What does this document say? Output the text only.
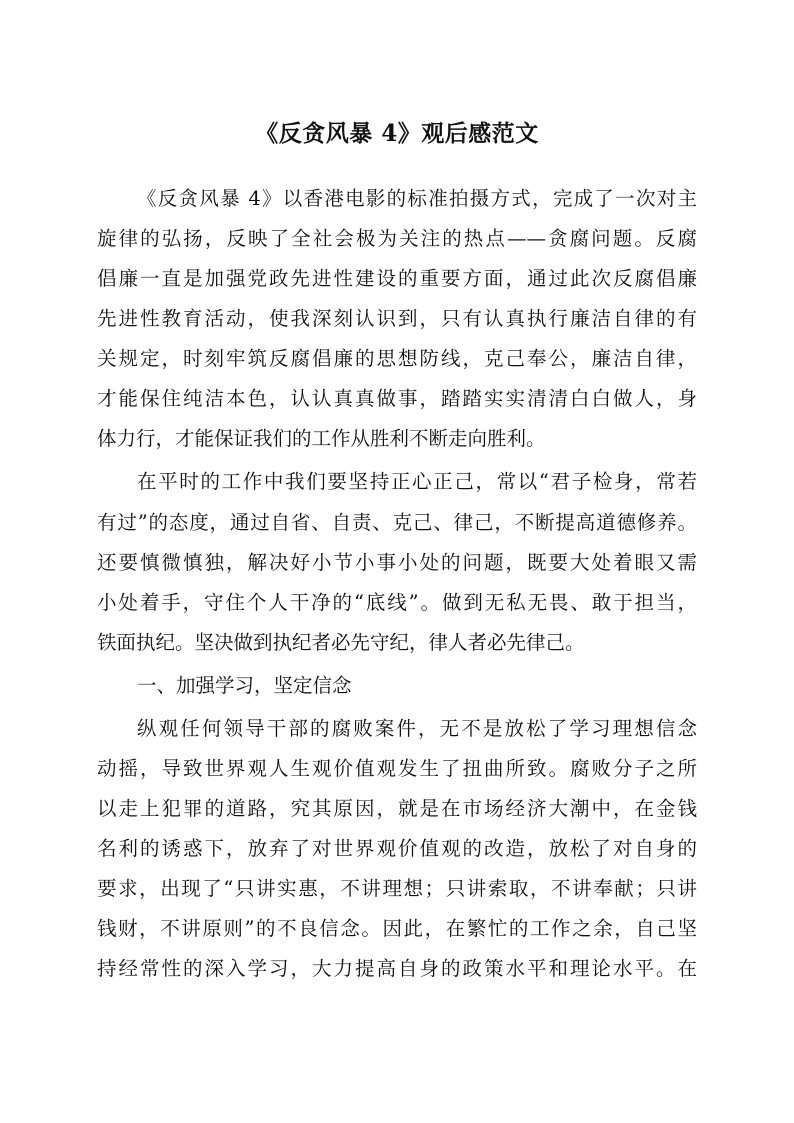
《反贪风暴 4》观后感范文
《反贪风暴 4》以香港电影的标准拍摄方式，完成了一次对主
旋律的弘扬，反映了全社会极为关注的热点——贪腐问题。反腐
倡廉一直是加强党政先进性建设的重要方面，通过此次反腐倡廉
先进性教育活动，使我深刻认识到，只有认真执行廉洁自律的有
关规定，时刻牢筑反腐倡廉的思想防线，克己奉公，廉洁自律，
才能保住纯洁本色，认认真真做事，踏踏实实清清白白做人，身
体力行，才能保证我们的工作从胜利不断走向胜利。
在平时的工作中我们要坚持正心正己，常以“君子检身，常若
有过”的态度，通过自省、自责、克己、律己，不断提高道德修养。
还要慎微慎独，解决好小节小事小处的问题，既要大处着眼又需
小处着手，守住个人干净的“底线”。做到无私无畏、敢于担当，
铁面执纪。坚决做到执纪者必先守纪，律人者必先律己。
一、加强学习，坚定信念
纵观任何领导干部的腐败案件，无不是放松了学习理想信念
动摇，导致世界观人生观价值观发生了扭曲所致。腐败分子之所
以走上犯罪的道路，究其原因，就是在市场经济大潮中，在金钱
名利的诱惑下，放弃了对世界观价值观的改造，放松了对自身的
要求，出现了“只讲实惠，不讲理想；只讲索取，不讲奉献；只讲
钱财，不讲原则”的不良信念。因此，在繁忙的工作之余，自己坚
持经常性的深入学习，大力提高自身的政策水平和理论水平。在
